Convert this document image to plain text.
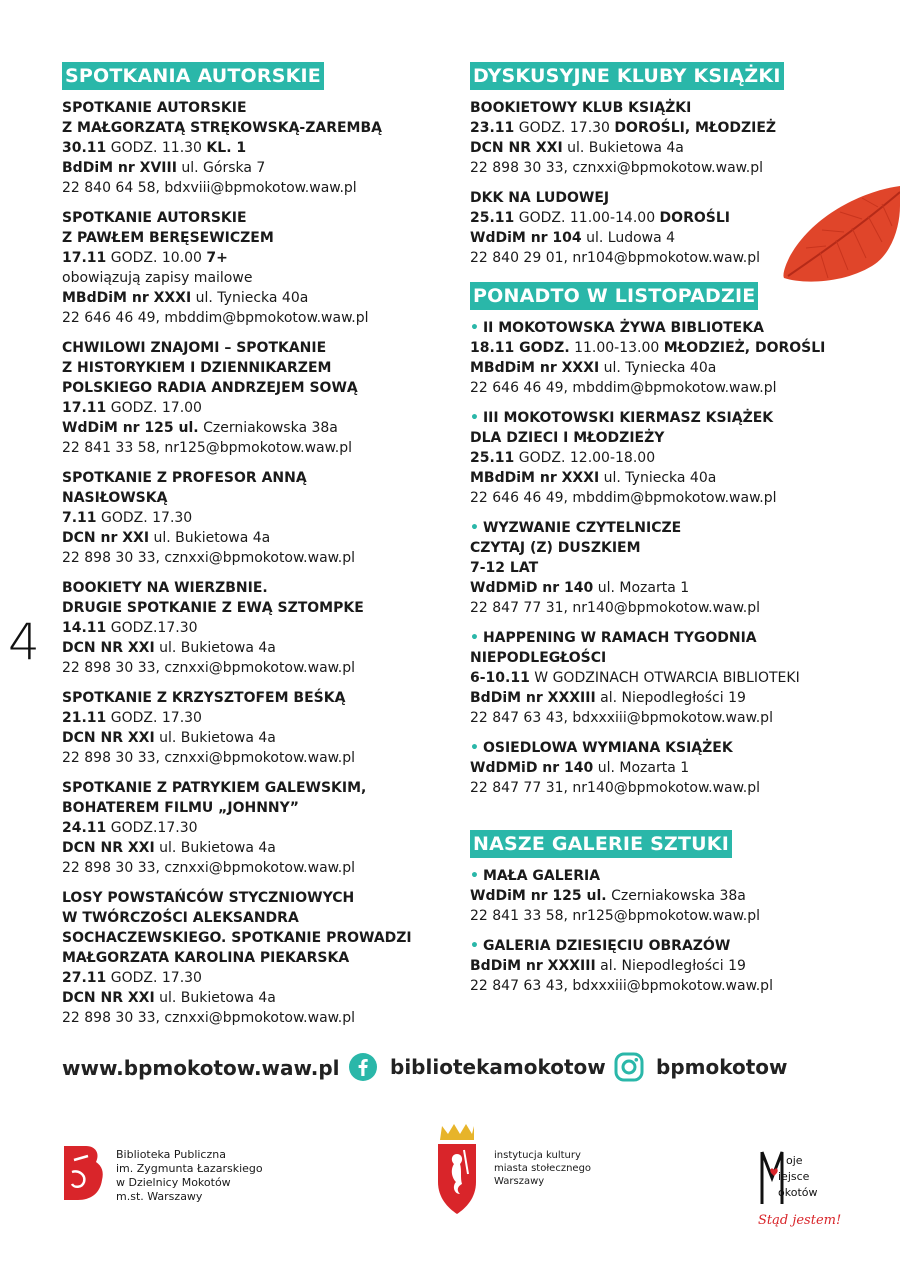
4
SPOTKANIA AUTORSKIE
SPOTKANIE AUTORSKIE
Z MAŁGORZATĄ STRĘKOWSKĄ-ZAREMBĄ
30.11 GODZ. 11.30 KL. 1
BdDiM nr XVIII ul. Górska 7
22 840 64 58, bdxviii@bpmokotow.waw.pl
SPOTKANIE AUTORSKIE
Z PAWŁEM BERĘSEWICZEM
17.11 GODZ. 10.00 7+
obowiązują zapisy mailowe
MBdDiM nr XXXI ul. Tyniecka 40a
22 646 46 49, mbddim@bpmokotow.waw.pl
CHWILOWI ZNAJOMI – SPOTKANIE
Z HISTORYKIEM I DZIENNIKARZEM
POLSKIEGO RADIA ANDRZEJEM SOWĄ
17.11 GODZ. 17.00
WdDiM nr 125 ul. Czerniakowska 38a
22 841 33 58, nr125@bpmokotow.waw.pl
SPOTKANIE Z PROFESOR ANNĄ
NASIŁOWSKĄ
7.11 GODZ. 17.30
DCN nr XXI ul. Bukietowa 4a
22 898 30 33, cznxxi@bpmokotow.waw.pl
BOOKIETY NA WIERZBNIE.
DRUGIE SPOTKANIE Z EWĄ SZTOMPKE
14.11 GODZ.17.30
DCN NR XXI ul. Bukietowa 4a
22 898 30 33, cznxxi@bpmokotow.waw.pl
SPOTKANIE Z KRZYSZTOFEM BEŚKĄ
21.11 GODZ. 17.30
DCN NR XXI ul. Bukietowa 4a
22 898 30 33, cznxxi@bpmokotow.waw.pl
SPOTKANIE Z PATRYKIEM GALEWSKIM,
BOHATEREM FILMU „JOHNNY”
24.11 GODZ.17.30
DCN NR XXI ul. Bukietowa 4a
22 898 30 33, cznxxi@bpmokotow.waw.pl
LOSY POWSTAŃCÓW STYCZNIOWYCH
W TWÓRCZOŚCI ALEKSANDRA
SOCHACZEWSKIEGO. SPOTKANIE PROWADZI
MAŁGORZATA KAROLINA PIEKARSKA
27.11 GODZ. 17.30
DCN NR XXI ul. Bukietowa 4a
22 898 30 33, cznxxi@bpmokotow.waw.pl
DYSKUSYJNE KLUBY KSIĄŻKI
BOOKIETOWY KLUB KSIĄŻKI
23.11 GODZ. 17.30 DOROŚLI, MŁODZIEŻ
DCN NR XXI ul. Bukietowa 4a
22 898 30 33, cznxxi@bpmokotow.waw.pl
DKK NA LUDOWEJ
25.11 GODZ. 11.00-14.00 DOROŚLI
WdDiM nr 104 ul. Ludowa 4
22 840 29 01, nr104@bpmokotow.waw.pl
PONADTO W LISTOPADZIE
• II MOKOTOWSKA ŻYWA BIBLIOTEKA
18.11 GODZ. 11.00-13.00 MŁODZIEŻ, DOROŚLI
MBdDiM nr XXXI ul. Tyniecka 40a
22 646 46 49, mbddim@bpmokotow.waw.pl
• III MOKOTOWSKI KIERMASZ KSIĄŻEK
DLA DZIECI I MŁODZIEŻY
25.11 GODZ. 12.00-18.00
MBdDiM nr XXXI ul. Tyniecka 40a
22 646 46 49, mbddim@bpmokotow.waw.pl
• WYZWANIE CZYTELNICZE
CZYTAJ (Z) DUSZKIEM
7-12 LAT
WdDMiD nr 140 ul. Mozarta 1
22 847 77 31, nr140@bpmokotow.waw.pl
• HAPPENING W RAMACH TYGODNIA
NIEPODLEGŁOŚCI
6-10.11 W GODZINACH OTWARCIA BIBLIOTEKI
BdDiM nr XXXIII al. Niepodległości 19
22 847 63 43, bdxxxiii@bpmokotow.waw.pl
• OSIEDLOWA WYMIANA KSIĄŻEK
WdDMiD nr 140 ul. Mozarta 1
22 847 77 31, nr140@bpmokotow.waw.pl
NASZE GALERIE SZTUKI
• MAŁA GALERIA
WdDiM nr 125 ul. Czerniakowska 38a
22 841 33 58, nr125@bpmokotow.waw.pl
• GALERIA DZIESIĘCIU OBRAZÓW
BdDiM nr XXXIII al. Niepodległości 19
22 847 63 43, bdxxxiii@bpmokotow.waw.pl
www.bpmokotow.waw.pl	bibliotekamokotow	bpmokotow
Biblioteka Publiczna
im. Zygmunta Łazarskiego
w Dzielnicy Mokotów
m.st. Warszawy
instytucja kultury
miasta stołecznego
Warszawy
oje
iejsce
okotów
Stąd jestem!
